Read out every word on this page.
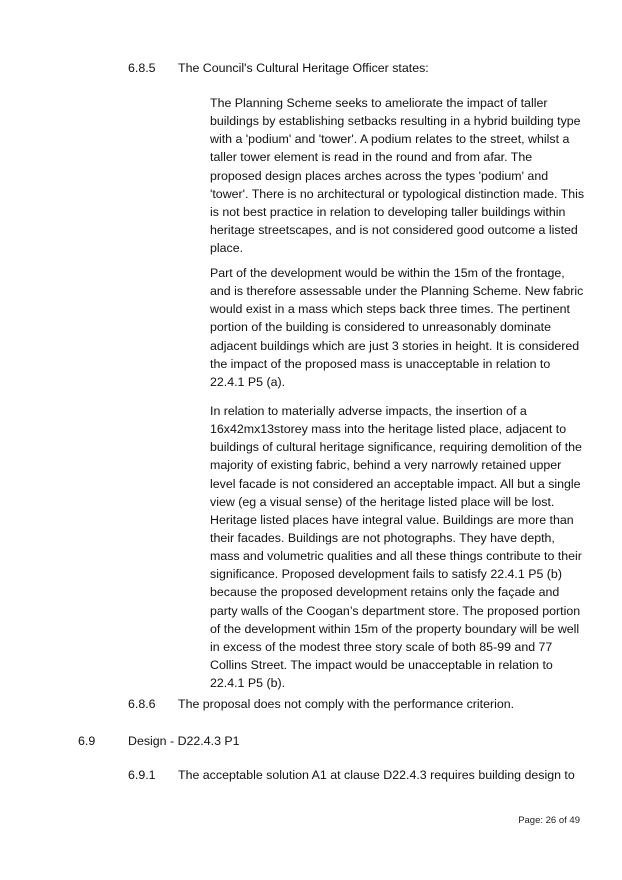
6.8.5 The Council's Cultural Heritage Officer states:
The Planning Scheme seeks to ameliorate the impact of taller
buildings by establishing setbacks resulting in a hybrid building type
with a 'podium' and 'tower'. A podium relates to the street, whilst a
taller tower element is read in the round and from afar. The
proposed design places arches across the types 'podium' and
'tower'. There is no architectural or typological distinction made. This
is not best practice in relation to developing taller buildings within
heritage streetscapes, and is not considered good outcome a listed
place.
Part of the development would be within the 15m of the frontage,
and is therefore assessable under the Planning Scheme. New fabric
would exist in a mass which steps back three times. The pertinent
portion of the building is considered to unreasonably dominate
adjacent buildings which are just 3 stories in height. It is considered
the impact of the proposed mass is unacceptable in relation to
22.4.1 P5 (a).
In relation to materially adverse impacts, the insertion of a
16x42mx13storey mass into the heritage listed place, adjacent to
buildings of cultural heritage significance, requiring demolition of the
majority of existing fabric, behind a very narrowly retained upper
level facade is not considered an acceptable impact. All but a single
view (eg a visual sense) of the heritage listed place will be lost.
Heritage listed places have integral value. Buildings are more than
their facades. Buildings are not photographs. They have depth,
mass and volumetric qualities and all these things contribute to their
significance. Proposed development fails to satisfy 22.4.1 P5 (b)
because the proposed development retains only the façade and
party walls of the Coogan’s department store. The proposed portion
of the development within 15m of the property boundary will be well
in excess of the modest three story scale of both 85-99 and 77
Collins Street. The impact would be unacceptable in relation to
22.4.1 P5 (b).
6.8.6 The proposal does not comply with the performance criterion.
6.9	Design - D22.4.3 P1
6.9.1 The acceptable solution A1 at clause D22.4.3 requires building design to
Page: 26 of 49
